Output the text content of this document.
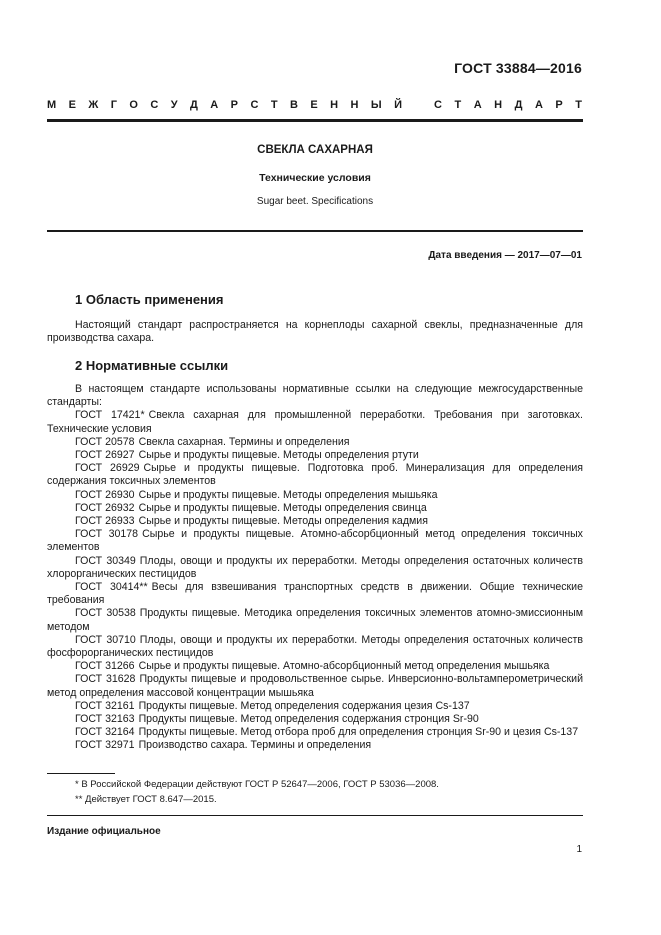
ГОСТ 33884—2016
М Е Ж Г О С У Д А Р С Т В Е Н Н Ы Й	С Т А Н Д А Р Т
СВЕКЛА САХАРНАЯ
Технические условия
Sugar beet. Specifications
Дата введения — 2017—07—01
1 Область применения

Настоящий стандарт распространяется на корнеплоды сахарной свеклы, предназначенные для производства сахара.

2 Нормативные ссылки

В настоящем стандарте использованы нормативные ссылки на следующие межгосударственные стандарты:

ГОСТ 17421* Свекла сахарная для промышленной переработки. Требования при заготовках. Технические условия

ГОСТ 20578 Свекла сахарная. Термины и определения

ГОСТ 26927 Сырье и продукты пищевые. Методы определения ртути

ГОСТ 26929 Сырье и продукты пищевые. Подготовка проб. Минерализация для определения содержания токсичных элементов

ГОСТ 26930 Сырье и продукты пищевые. Методы определения мышьяка

ГОСТ 26932 Сырье и продукты пищевые. Методы определения свинца

ГОСТ 26933 Сырье и продукты пищевые. Методы определения кадмия

ГОСТ 30178 Сырье и продукты пищевые. Атомно-абсорбционный метод определения токсичных элементов

ГОСТ 30349 Плоды, овощи и продукты их переработки. Методы определения остаточных количеств хлорорганических пестицидов

ГОСТ 30414** Весы для взвешивания транспортных средств в движении. Общие технические требования

ГОСТ 30538 Продукты пищевые. Методика определения токсичных элементов атомно-эмиссионным методом

ГОСТ 30710 Плоды, овощи и продукты их переработки. Методы определения остаточных количеств фосфорорганических пестицидов

ГОСТ 31266 Сырье и продукты пищевые. Атомно-абсорбционный метод определения мышьяка

ГОСТ 31628 Продукты пищевые и продовольственное сырье. Инверсионно-вольтамперометрический метод определения массовой концентрации мышьяка

ГОСТ 32161 Продукты пищевые. Метод определения содержания цезия Cs-137

ГОСТ 32163 Продукты пищевые. Метод определения содержания стронция Sr-90

ГОСТ 32164 Продукты пищевые. Метод отбора проб для определения стронция Sr-90 и цезия Cs-137

ГОСТ 32971 Производство сахара. Термины и определения

* В Российской Федерации действуют ГОСТ Р 52647—2006, ГОСТ Р 53036—2008.
** Действует ГОСТ 8.647—2015.
Издание официальное
1
